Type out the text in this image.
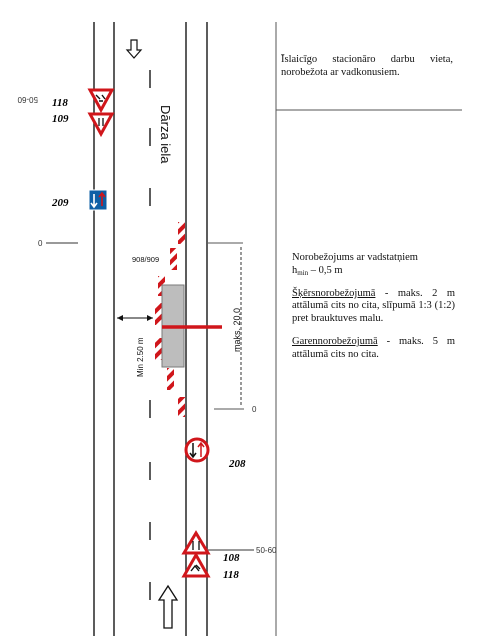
Dārza iela
50-60 118
109
209
0
908/909
Min 2.50 m
maks. 20,0
0
208
108
50-60
118

Īslaicīgo stacionāro darbu vieta, norobežota ar vadkonusiem.

Norobežojums ar vadstatņiem

$h_{min} - 0,5$ m

Šķērsnorobežojumā - maks. 2 m attālumā cits no cita, slīpumā 1:3 (1:2) pret brauktuves malu.

Garennorobežojumā - maks. 5 m attālumā cits no cita.
